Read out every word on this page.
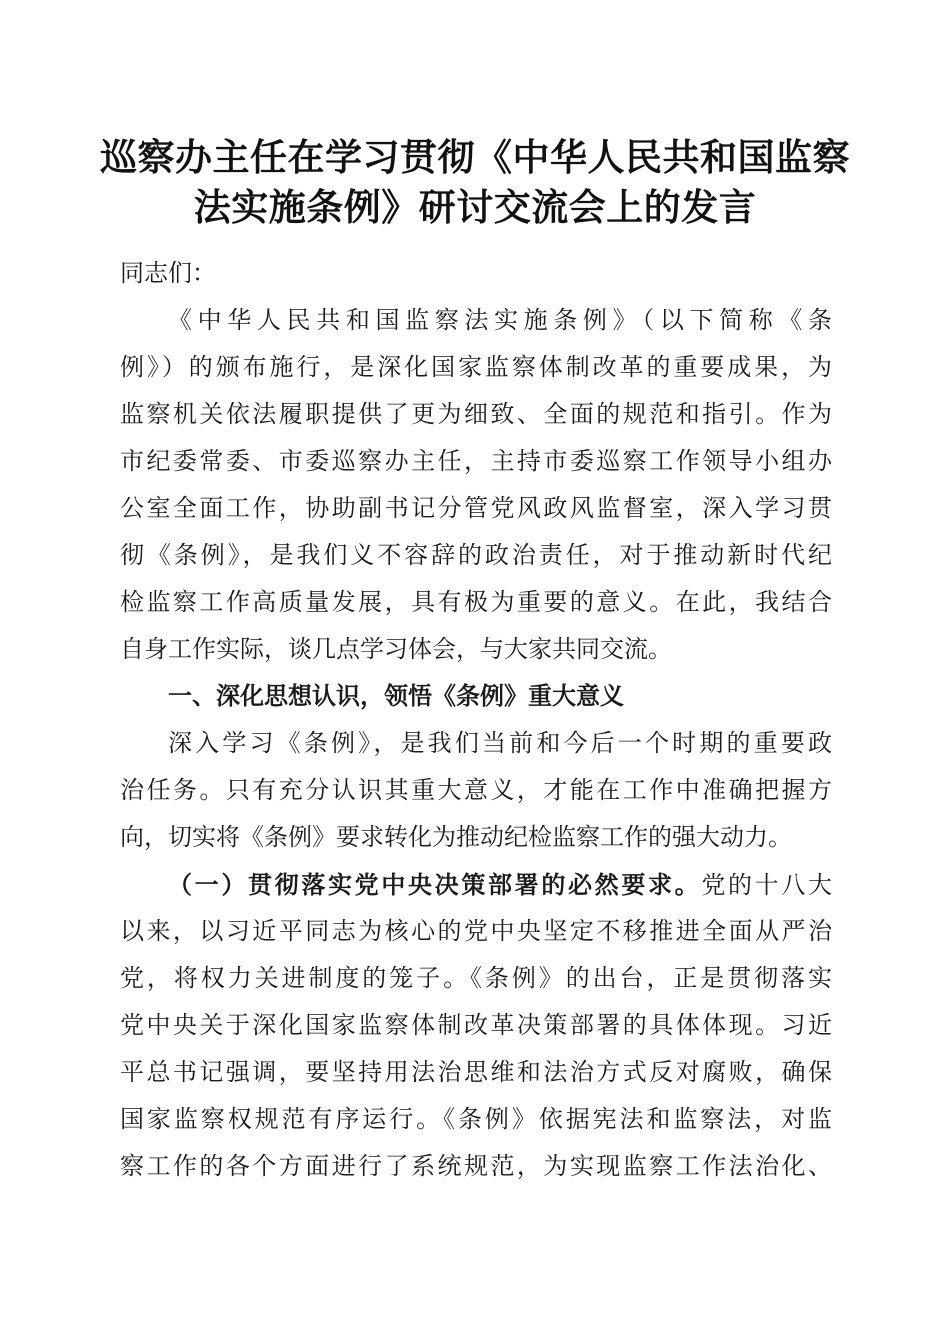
巡察办主任在学习贯彻《中华人民共和国监察
法实施条例》研讨交流会上的发言
同志们：
《中华人民共和国监察法实施条例》（以下简称《条
例》）的颁布施行，是深化国家监察体制改革的重要成果，为
监察机关依法履职提供了更为细致、全面的规范和指引。作为
市纪委常委、市委巡察办主任，主持市委巡察工作领导小组办
公室全面工作，协助副书记分管党风政风监督室，深入学习贯
彻《条例》，是我们义不容辞的政治责任，对于推动新时代纪
检监察工作高质量发展，具有极为重要的意义。在此，我结合
自身工作实际，谈几点学习体会，与大家共同交流。
一、深化思想认识，领悟《条例》重大意义
深入学习《条例》，是我们当前和今后一个时期的重要政
治任务。只有充分认识其重大意义，才能在工作中准确把握方
向，切实将《条例》要求转化为推动纪检监察工作的强大动力。
（一）贯彻落实党中央决策部署的必然要求。党的十八大
以来，以习近平同志为核心的党中央坚定不移推进全面从严治
党，将权力关进制度的笼子。《条例》的出台，正是贯彻落实
党中央关于深化国家监察体制改革决策部署的具体体现。习近
平总书记强调，要坚持用法治思维和法治方式反对腐败，确保
国家监察权规范有序运行。《条例》依据宪法和监察法，对监
察工作的各个方面进行了系统规范，为实现监察工作法治化、
